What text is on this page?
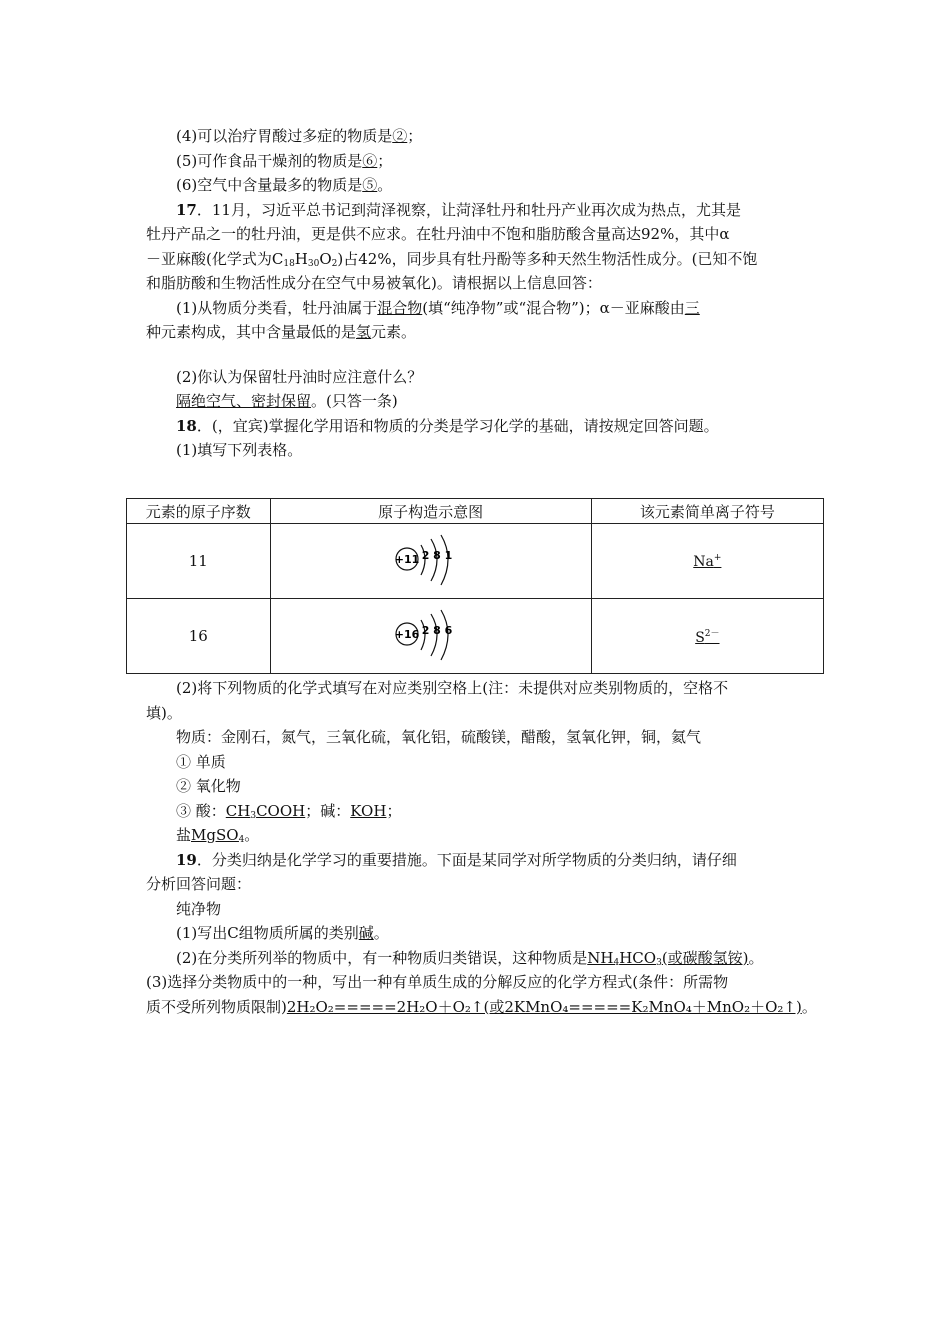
(4)可以治疗胃酸过多症的物质是②；
(5)可作食品干燥剂的物质是⑥；
(6)空气中含量最多的物质是⑤。
17．11月，习近平总书记到菏泽视察，让菏泽牡丹和牡丹产业再次成为热点，尤其是
牡丹产品之一的牡丹油，更是供不应求。在牡丹油中不饱和脂肪酸含量高达92%，其中α
－亚麻酸(化学式为$C_{18}H_{30}O_2$)占42%，同步具有牡丹酚等多种天然生物活性成分。(已知不饱
和脂肪酸和生物活性成分在空气中易被氧化)。请根据以上信息回答：
(1)从物质分类看，牡丹油属于混合物(填“纯净物”或“混合物”)；α－亚麻酸由三
种元素构成，其中含量最低的是氢元素。
(2)你认为保留牡丹油时应注意什么？
隔绝空气、密封保留。(只答一条)
18．(，宜宾)掌握化学用语和物质的分类是学习化学的基础，请按规定回答问题。
(1)填写下列表格。
元素的原子序数	原子构造示意图	该元素简单离子符号
11	+11 2 8 1	Na+
16	+16 2 8 6	$S^{2-}$
(2)将下列物质的化学式填写在对应类别空格上(注：未提供对应类别物质的，空格不
填)。
物质：金刚石，氮气，三氧化硫，氧化铝，硫酸镁，醋酸，氢氧化钾，铜，氦气
① 单质
② 氧化物
③ 酸：$CH_3COOH$；碱：KOH；
盐MgSO$_4$。
19．分类归纳是化学学习的重要措施。下面是某同学对所学物质的分类归纳，请仔细
分析回答问题：
纯净物
(1)写出C组物质所属的类别碱。
(2)在分类所列举的物质中，有一种物质归类错误，这种物质是$NH_4HCO_3$(或碳酸氢铵)。
(3)选择分类物质中的一种，写出一种有单质生成的分解反应的化学方程式(条件：所需物
质不受所列物质限制)2H₂O₂=====2H₂O＋O₂↑(或2KMnO₄=====K₂MnO₄＋MnO₂＋O₂↑)。
